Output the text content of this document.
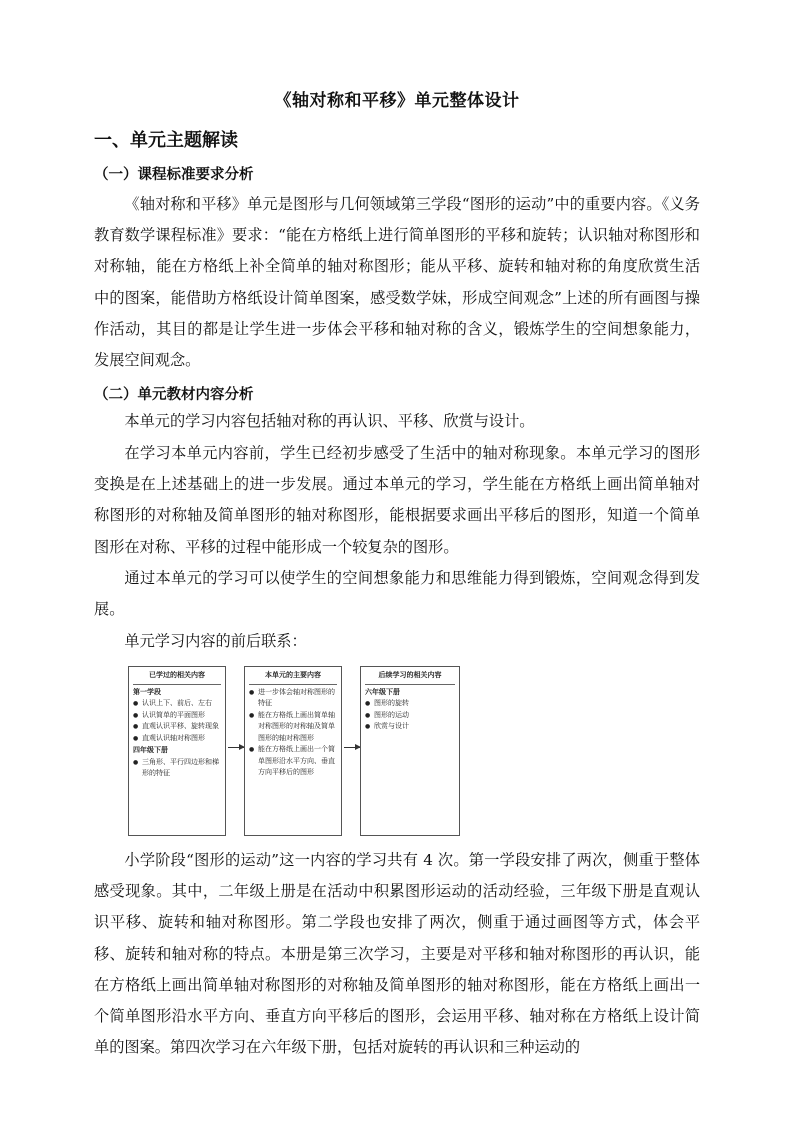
《轴对称和平移》单元整体设计
一、单元主题解读
（一）课程标准要求分析

《轴对称和平移》单元是图形与几何领域第三学段“图形的运动”中的重要内容。《义务教育数学课程标准》要求：“能在方格纸上进行简单图形的平移和旋转；认识轴对称图形和对称轴，能在方格纸上补全简单的轴对称图形；能从平移、旋转和轴对称的角度欣赏生活中的图案，能借助方格纸设计简单图案，感受数学妹，形成空间观念”上述的所有画图与操作活动，其目的都是让学生进一步体会平移和轴对称的含义，锻炼学生的空间想象能力，发展空间观念。

（二）单元教材内容分析

本单元的学习内容包括轴对称的再认识、平移、欣赏与设计。

在学习本单元内容前，学生已经初步感受了生活中的轴对称现象。本单元学习的图形变换是在上述基础上的进一步发展。通过本单元的学习，学生能在方格纸上画出简单轴对称图形的对称轴及简单图形的轴对称图形，能根据要求画出平移后的图形，知道一个简单图形在对称、平移的过程中能形成一个较复杂的图形。

通过本单元的学习可以使学生的空间想象能力和思维能力得到锻炼，空间观念得到发展。

单元学习内容的前后联系：

已学过的相关内容
第一学段
● 认识上下、前后、左右
● 认识简单的平面图形
● 直观认识平移、旋转现象
● 直观认识轴对称图形
四年级下册
● 三角形、平行四边形和梯形的特征
本单元的主要内容
● 进一步体会轴对称图形的特征
● 能在方格纸上画出简单轴对称图形的对称轴及简单图形的轴对称图形
● 能在方格纸上画出一个简单图形沿水平方向、垂直方向平移后的图形
后续学习的相关内容
六年级下册
● 图形的旋转
● 图形的运动
● 欣赏与设计

小学阶段“图形的运动”这一内容的学习共有 4 次。第一学段安排了两次，侧重于整体感受现象。其中，二年级上册是在活动中积累图形运动的活动经验，三年级下册是直观认识平移、旋转和轴对称图形。第二学段也安排了两次，侧重于通过画图等方式，体会平移、旋转和轴对称的特点。本册是第三次学习，主要是对平移和轴对称图形的再认识，能在方格纸上画出简单轴对称图形的对称轴及简单图形的轴对称图形，能在方格纸上画出一个简单图形沿水平方向、垂直方向平移后的图形，会运用平移、轴对称在方格纸上设计简单的图案。第四次学习在六年级下册，包括对旋转的再认识和三种运动的
